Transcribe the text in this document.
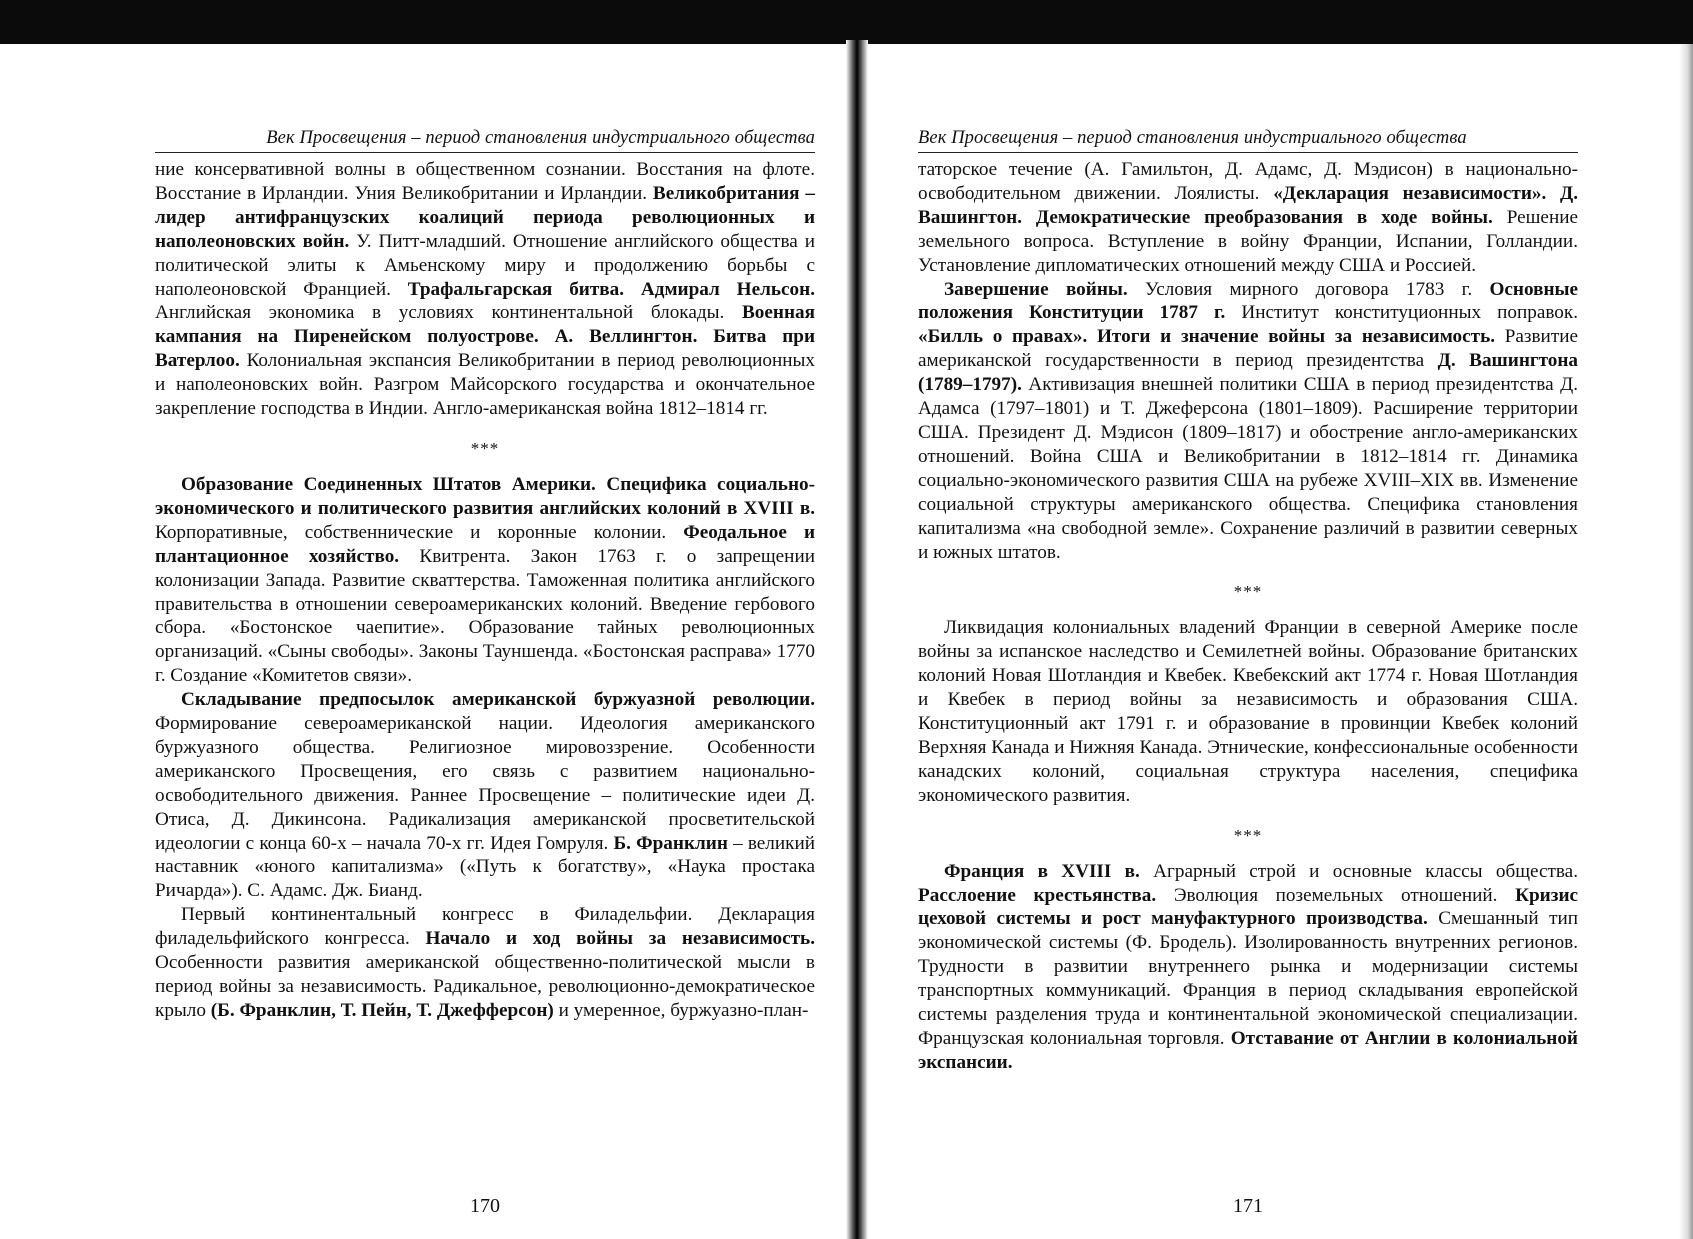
Век Просвещения – период становления индустриального общества

ние консервативной волны в общественном сознании. Восстания на флоте. Восстание в Ирландии. Уния Великобритании и Ирландии. Великобритания – лидер антифранцузских коалиций периода революционных и наполеоновских войн. У. Питт-младший. Отношение английского общества и политической элиты к Амьенскому миру и продолжению борьбы с наполеоновской Францией. Трафальгарская битва. Адмирал Нельсон. Английская экономика в условиях континентальной блокады. Военная кампания на Пиренейском полуострове. А. Веллингтон. Битва при Ватерлоо. Колониальная экспансия Великобритании в период революционных и наполеоновских войн. Разгром Майсорского государства и окончательное закрепление господства в Индии. Англо-американская война 1812–1814 гг.

***

Образование Соединенных Штатов Америки. Специфика социально-экономического и политического развития английских колоний в XVIII в. Корпоративные, собственнические и коронные колонии. Феодальное и плантационное хозяйство. Квитрента. Закон 1763 г. о запрещении колонизации Запада. Развитие скваттерства. Таможенная политика английского правительства в отношении североамериканских колоний. Введение гербового сбора. «Бостонское чаепитие». Образование тайных революционных организаций. «Сыны свободы». Законы Тауншенда. «Бостонская расправа» 1770 г. Создание «Комитетов связи».

Складывание предпосылок американской буржуазной революции. Формирование североамериканской нации. Идеология американского буржуазного общества. Религиозное мировоззрение. Особенности американского Просвещения, его связь с развитием национально-освободительного движения. Раннее Просвещение – политические идеи Д. Отиса, Д. Дикинсона. Радикализация американской просветительской идеологии с конца 60-х – начала 70-х гг. Идея Гомруля. Б. Франклин – великий наставник «юного капитализма» («Путь к богатству», «Наука простака Ричарда»). С. Адамс. Дж. Бианд.

Первый континентальный конгресс в Филадельфии. Декларация филадельфийского конгресса. Начало и ход войны за независимость. Особенности развития американской общественно-политической мысли в период войны за независимость. Радикальное, революционно-демократическое крыло (Б. Франклин, Т. Пейн, Т. Джефферсон) и умеренное, буржуазно-план-

Век Просвещения – период становления индустриального общества

таторское течение (А. Гамильтон, Д. Адамс, Д. Мэдисон) в национально-освободительном движении. Лоялисты. «Декларация независимости». Д. Вашингтон. Демократические преобразования в ходе войны. Решение земельного вопроса. Вступление в войну Франции, Испании, Голландии. Установление дипломатических отношений между США и Россией.

Завершение войны. Условия мирного договора 1783 г. Основные положения Конституции 1787 г. Институт конституционных поправок. «Билль о правах». Итоги и значение войны за независимость. Развитие американской государственности в период президентства Д. Вашингтона (1789–1797). Активизация внешней политики США в период президентства Д. Адамса (1797–1801) и Т. Джеферсона (1801–1809). Расширение территории США. Президент Д. Мэдисон (1809–1817) и обострение англо-американских отношений. Война США и Великобритании в 1812–1814 гг. Динамика социально-экономического развития США на рубеже XVIII–XIX вв. Изменение социальной структуры американского общества. Специфика становления капитализма «на свободной земле». Сохранение различий в развитии северных и южных штатов.

***

Ликвидация колониальных владений Франции в северной Америке после войны за испанское наследство и Семилетней войны. Образование британских колоний Новая Шотландия и Квебек. Квебекский акт 1774 г. Новая Шотландия и Квебек в период войны за независимость и образования США. Конституционный акт 1791 г. и образование в провинции Квебек колоний Верхняя Канада и Нижняя Канада. Этнические, конфессиональные особенности канадских колоний, социальная структура населения, специфика экономического развития.

***

Франция в XVIII в. Аграрный строй и основные классы общества. Расслоение крестьянства. Эволюция поземельных отношений. Кризис цеховой системы и рост мануфактурного производства. Смешанный тип экономической системы (Ф. Бродель). Изолированность внутренних регионов. Трудности в развитии внутреннего рынка и модернизации системы транспортных коммуникаций. Франция в период складывания европейской системы разделения труда и континентальной экономической специализации. Французская колониальная торговля. Отставание от Англии в колониальной экспансии.

170	171
